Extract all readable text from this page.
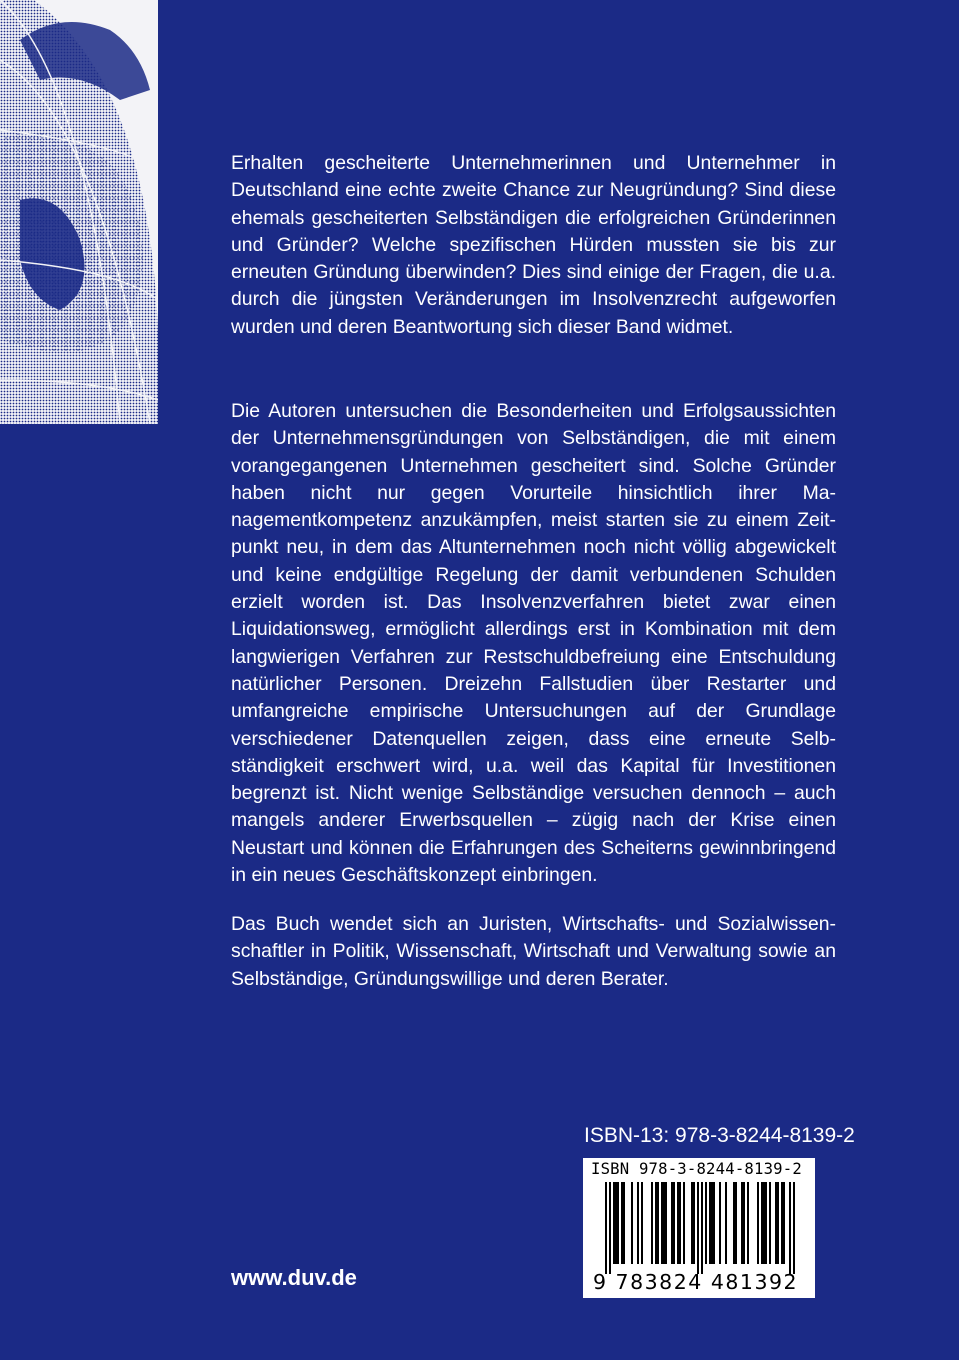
Erhalten gescheiterte Unternehmerinnen und Unternehmer in Deutschland eine echte zweite Chance zur Neugründung? Sind diese ehemals gescheiterten Selbständigen die erfolgreichen Gründerinnen und Gründer? Welche spezifischen Hürden mussten sie bis zur erneuten Gründung überwinden? Dies sind einige der Fragen, die u.a. durch die jüngsten Veränderungen im Insolvenzrecht aufgeworfen wurden und deren Beantwortung sich dieser Band widmet.

Die Autoren untersuchen die Besonderheiten und Erfolgsaussichten der Unternehmensgründungen von Selbständigen, die mit einem vorangegangenen Unternehmen gescheitert sind. Solche Gründer haben nicht nur gegen Vorurteile hinsichtlich ihrer Managementkompetenz anzukämpfen, meist starten sie zu einem Zeitpunkt neu, in dem das Altunternehmen noch nicht völlig abgewickelt und keine endgültige Regelung der damit verbundenen Schulden erzielt worden ist. Das Insolvenzverfahren bietet zwar einen Liquidationsweg, ermöglicht allerdings erst in Kombination mit dem langwierigen Verfahren zur Restschuldbefreiung eine Entschuldung natürlicher Personen. Dreizehn Fallstudien über Restarter und umfangreiche empirische Untersuchungen auf der Grundlage verschiedener Datenquellen zeigen, dass eine erneute Selbständigkeit erschwert wird, u.a. weil das Kapital für Investitionen begrenzt ist. Nicht wenige Selbständige versuchen dennoch – auch mangels anderer Erwerbsquellen – zügig nach der Krise einen Neustart und können die Erfahrungen des Scheiterns gewinnbringend in ein neues Geschäftskonzept einbringen.

Das Buch wendet sich an Juristen, Wirtschafts- und Sozialwissenschaftler in Politik, Wissenschaft, Wirtschaft und Verwaltung sowie an Selbständige, Gründungswillige und deren Berater.

ISBN-13: 978-3-8244-8139-2
ISBN 978-3-8244-8139-2
9 783824 481392
www.duv.de
